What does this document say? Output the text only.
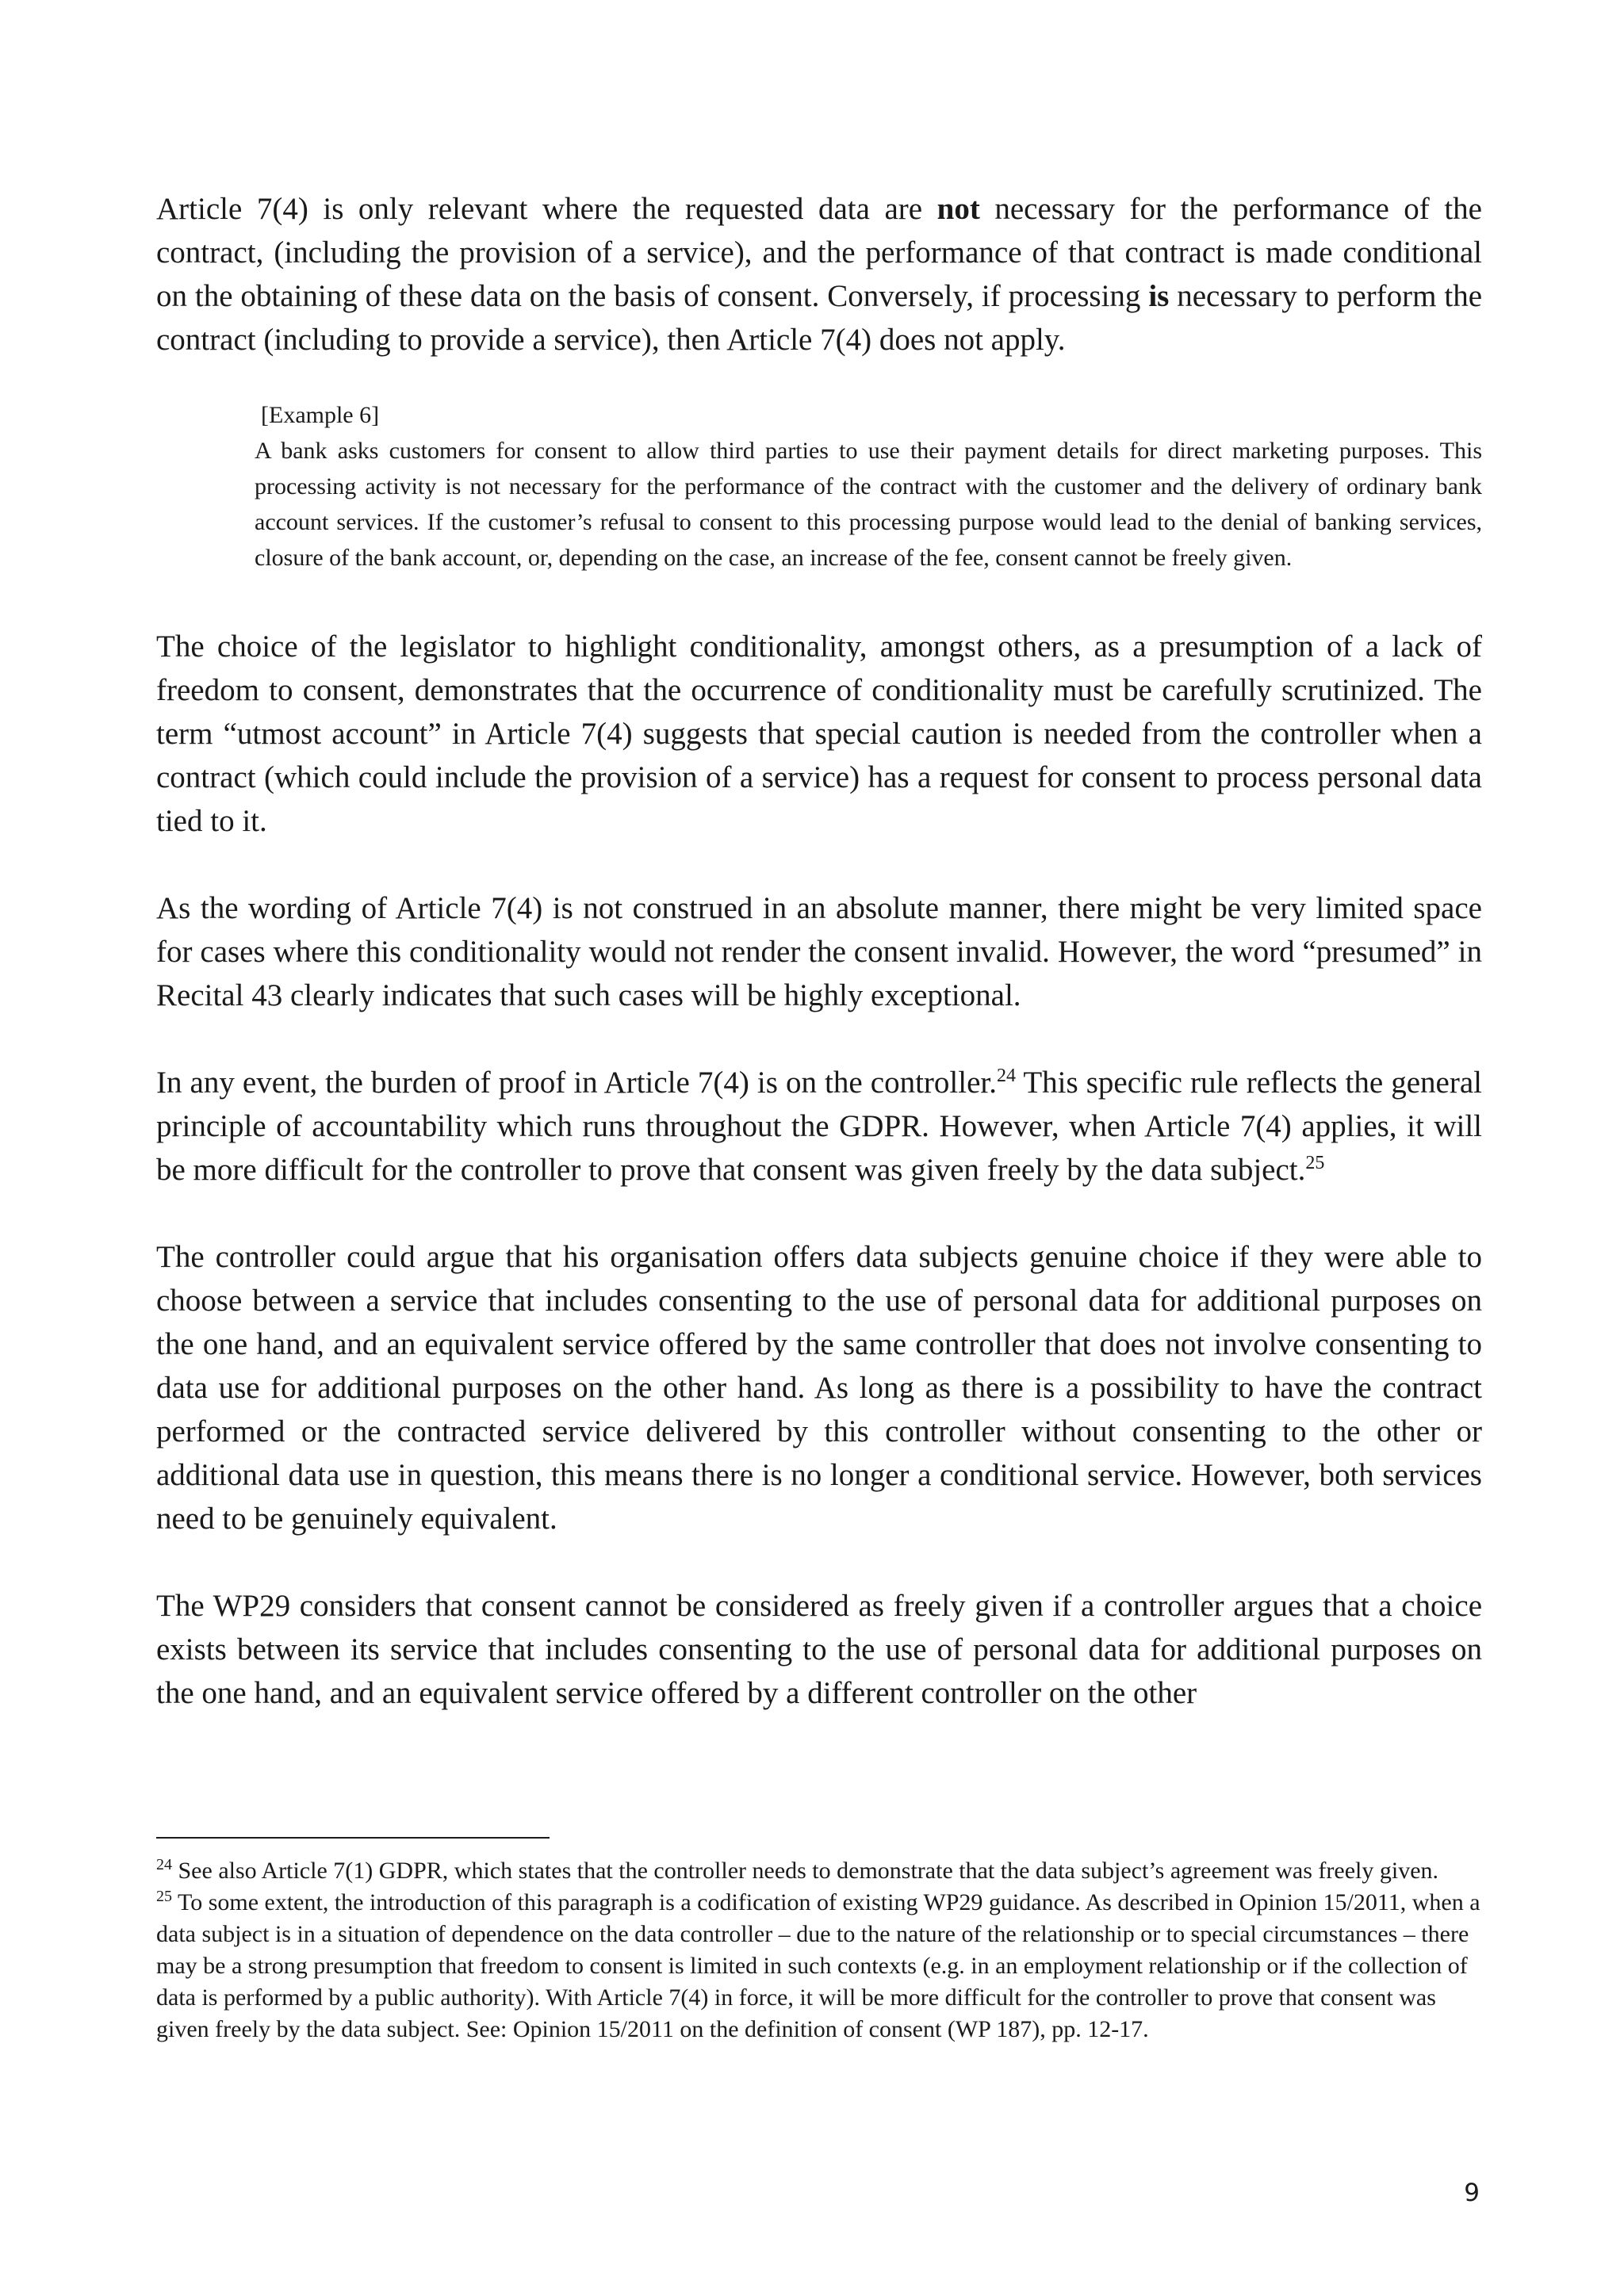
Article 7(4) is only relevant where the requested data are not necessary for the performance of the contract, (including the provision of a service), and the performance of that contract is made conditional on the obtaining of these data on the basis of consent. Conversely, if processing is necessary to perform the contract (including to provide a service), then Article 7(4) does not apply.

[Example 6]
A bank asks customers for consent to allow third parties to use their payment details for direct marketing purposes. This processing activity is not necessary for the performance of the contract with the customer and the delivery of ordinary bank account services. If the customer’s refusal to consent to this processing purpose would lead to the denial of banking services, closure of the bank account, or, depending on the case, an increase of the fee, consent cannot be freely given.

The choice of the legislator to highlight conditionality, amongst others, as a presumption of a lack of freedom to consent, demonstrates that the occurrence of conditionality must be carefully scrutinized. The term “utmost account” in Article 7(4) suggests that special caution is needed from the controller when a contract (which could include the provision of a service) has a request for consent to process personal data tied to it.

As the wording of Article 7(4) is not construed in an absolute manner, there might be very limited space for cases where this conditionality would not render the consent invalid. However, the word “presumed” in Recital 43 clearly indicates that such cases will be highly exceptional.

In any event, the burden of proof in Article 7(4) is on the controller.$^{24}$ This specific rule reflects the general principle of accountability which runs throughout the GDPR. However, when Article 7(4) applies, it will be more difficult for the controller to prove that consent was given freely by the data subject.$^{25}$

The controller could argue that his organisation offers data subjects genuine choice if they were able to choose between a service that includes consenting to the use of personal data for additional purposes on the one hand, and an equivalent service offered by the same controller that does not involve consenting to data use for additional purposes on the other hand. As long as there is a possibility to have the contract performed or the contracted service delivered by this controller without consenting to the other or additional data use in question, this means there is no longer a conditional service. However, both services need to be genuinely equivalent.

The WP29 considers that consent cannot be considered as freely given if a controller argues that a choice exists between its service that includes consenting to the use of personal data for additional purposes on the one hand, and an equivalent service offered by a different controller on the other

$^{24}$ See also Article 7(1) GDPR, which states that the controller needs to demonstrate that the data subject’s agreement was freely given.

$^{25}$ To some extent, the introduction of this paragraph is a codification of existing WP29 guidance. As described in Opinion 15/2011, when a data subject is in a situation of dependence on the data controller – due to the nature of the relationship or to special circumstances – there may be a strong presumption that freedom to consent is limited in such contexts (e.g. in an employment relationship or if the collection of data is performed by a public authority). With Article 7(4) in force, it will be more difficult for the controller to prove that consent was given freely by the data subject. See: Opinion 15/2011 on the definition of consent (WP 187), pp. 12-17.

9
